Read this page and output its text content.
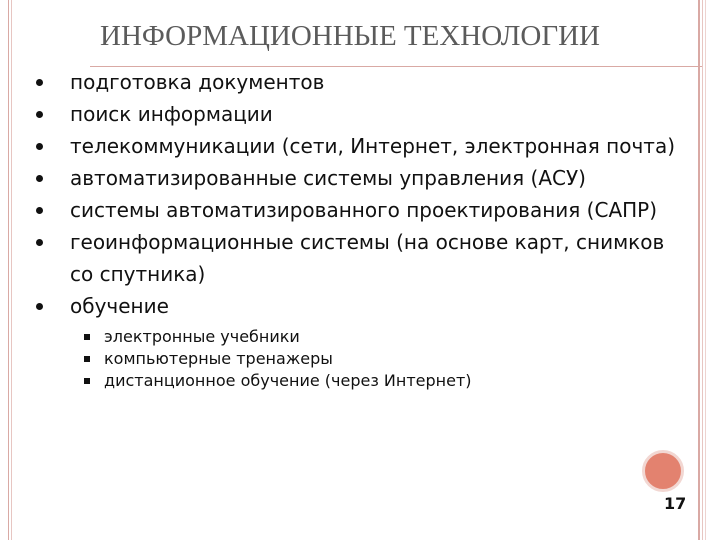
ИНФОРМАЦИОННЫЕ ТЕХНОЛОГИИ
подготовка документов
поиск информации
телекоммуникации (сети, Интернет, электронная почта)
автоматизированные системы управления (АСУ)
системы автоматизированного проектирования (САПР)
геоинформационные системы (на основе карт, снимков со спутника)
обучение
электронные учебники
компьютерные тренажеры
дистанционное обучение (через Интернет)
17
